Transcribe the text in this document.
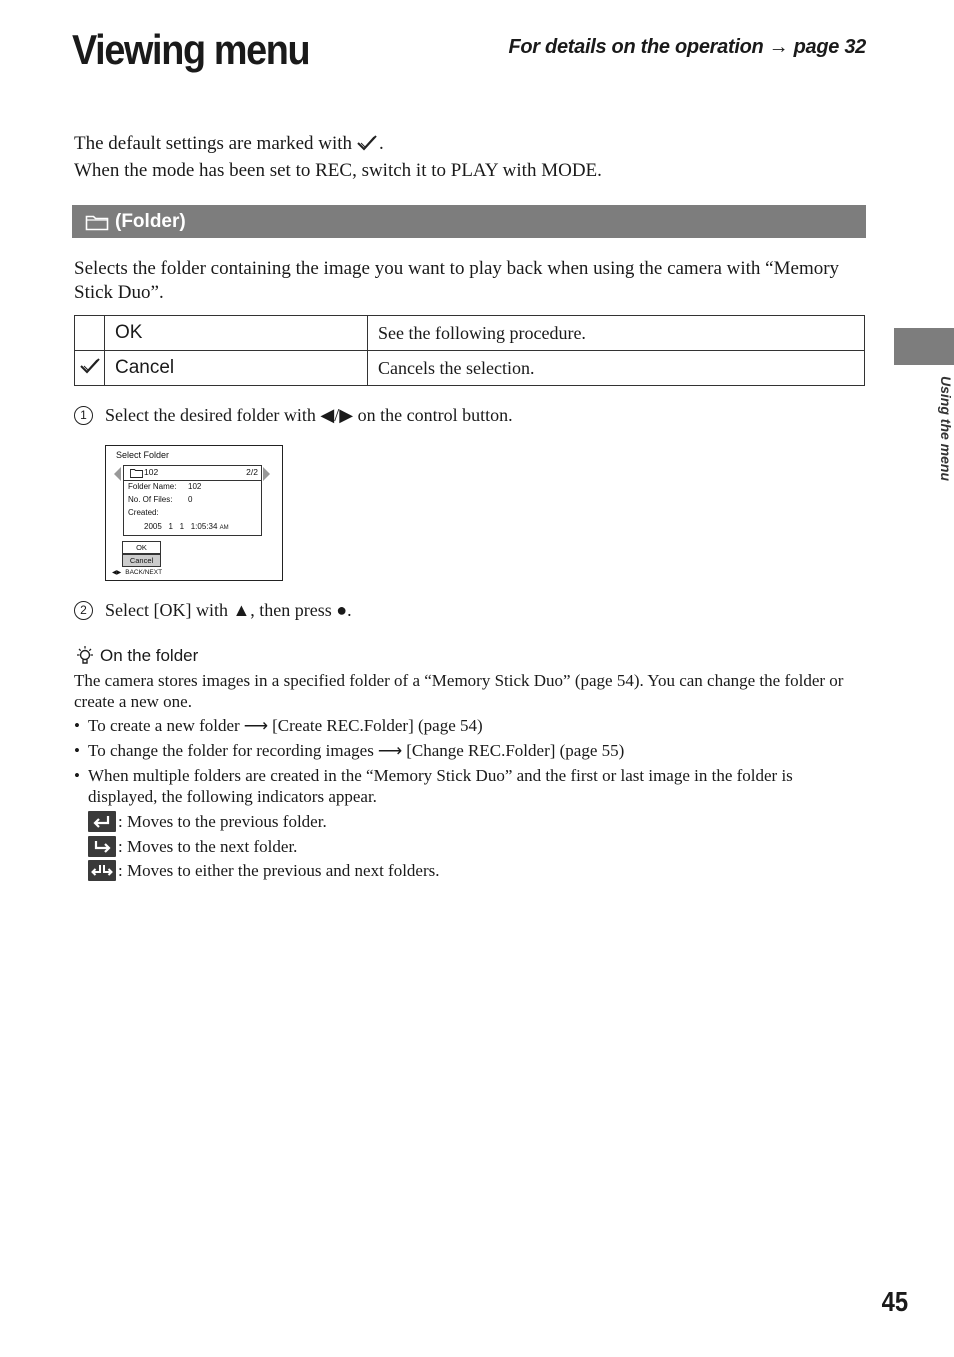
Viewing menu	For details on the operation → page 32
The default settings are marked with .
When the mode has been set to REC, switch it to PLAY with MODE.
(Folder)
Selects the folder containing the image you want to play back when using the camera with “Memory Stick Duo”.
	OK	See the following procedure.
	Cancel	Cancels the selection.
1	Select the desired folder with ◀/▶ on the control button.
Select Folder
102	2/2
Folder Name: 102
No. Of Files: 0
Created:
2005   1   1   1:05:34 AM
OK
Cancel
◀▶ BACK/NEXT
2	Select [OK] with ▲, then press ●.
On the folder
The camera stores images in a specified folder of a “Memory Stick Duo” (page 54). You can change the folder or create a new one.
• To create a new folder ⟶ [Create REC.Folder] (page 54)
• To change the folder for recording images ⟶ [Change REC.Folder] (page 55)
• When multiple folders are created in the “Memory Stick Duo” and the first or last image in the folder is displayed, the following indicators appear.
: Moves to the previous folder.
: Moves to the next folder.
: Moves to either the previous and next folders.
Using the menu
45
